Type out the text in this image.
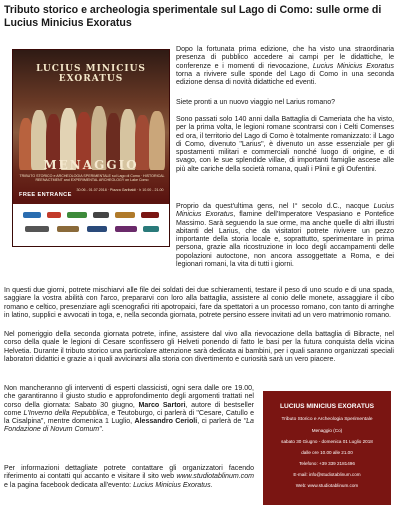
Tributo storico e archeologia sperimentale sul Lago di Como: sulle orme di Lucius Minicius Exoratus
LUCIUS MINICIUS EXORATUS
MENAGGIO
TRIBUTO STORICO e ARCHEOLOGIA SPERIMENTALE sul Lago di Como · HISTORICAL REENACTMENT and EXPERIMENTAL ARCHEOLOGY on Lake Como
FREE ENTRANCE
30.06 - 01.07.2018 · Piazza Garibaldi · h 10.00 - 21.00

Dopo la fortunata prima edizione, che ha visto una straordinaria presenza di pubblico accedere ai campi per le didattiche, le conferenze e i momenti di rievocazione, Lucius Minicius Exoratus torna a rivivere sulle sponde del Lago di Como in una seconda edizione densa di novità didattiche ed eventi.

Siete pronti a un nuovo viaggio nel Larius romano?

Sono passati solo 140 anni dalla Battaglia di Cameriata che ha visto, per la prima volta, le legioni romane scontrarsi con i Celti Comenses ed ora, il territorio del Lago di Como è totalmente romanizzato: il Lago di Como, divenuto "Larius", è divenuto un asse essenziale per gli spostamenti militari e commerciali nonché luogo di origine, e di svago, con le sue splendide villae, di importanti famiglie ascese alle più alte cariche della società romana, quali i Plinii e gli Oufentini.

Proprio da quest'ultima gens, nel I° secolo d.C., nacque Lucius Minicius Exoratus, flamine dell'Imperatore Vespasiano e Pontefice Massimo. Sarà seguendo la sue orme, ma anche quelle di altri illustri abitanti del Larius, che da visitatori potrete rivivere un pezzo importante della storia locale e, soprattutto, sperimentare in prima persona, grazie alla ricostruzione in loco degli accampamenti delle popolazioni autoctone, non ancora assoggettate a Roma, e dei legionari romani, la vita di tutti i giorni.

In questi due giorni, potrete mischiarvi alle file dei soldati dei due schieramenti, testare il peso di uno scudo e di una spada, saggiare la vostra abilità con l'arco, prepararvi con loro alla battaglia, assistere al conio delle monete, assaggiare il cibo romano e celtico, presenziare agli scenografici riti apotropaici, fare da spettatori a un processo romano, con tanto di arringhe in latino, supplici e avvocati in toga, e, nella seconda giornata, potrete persino essere invitati ad un vero matrimonio romano.

Nel pomeriggio della seconda giornata potrete, infine, assistere dal vivo alla rievocazione della battaglia di Bibracte, nel corso della quale le legioni di Cesare sconfissero gli Helveti ponendo di fatto le basi per la futura conquista della vicina Helvetia. Durante il tributo storico una particolare attenzione sarà dedicata ai bambini, per i quali saranno organizzati speciali laboratori didattici e grazie a i quali avvicinarsi alla storia con divertimento e curiosità sarà un vero piacere.

Non mancheranno gli interventi di esperti classicisti, ogni sera dalle ore 19.00, che garantiranno il giusto studio e approfondimento degli argomenti trattati nel corso della giornata: Sabato 30 giugno, Marco Sartori, autore di bestseller come L'Inverno della Repubblica, e Teutoburgo, ci parlerà di "Cesare, Catullo e la Cisalpina", mentre domenica 1 Luglio, Alessandro Cerioli, ci parlerà de "La Fondazione di Novum Comum".

Per informazioni dettagliate potrete contattare gli organizzatori facendo riferimento ai contatti qui accanto e visitare il sito web www.studiotablinum.com e la pagina facebook dedicata all'evento: Lucius Minicius Exoratus.

LUCIUS MINICIUS EXORATUS
Tributo Storico e Archeologia Sperimentale
Menaggio (Co)
sabato 30 Giugno - domenica 01 Luglio 2018
dalle ore 10.00 alle 21.00
Telefono: +39 339 2181496
E-mail: info@studiotablinum.com
Web: www.studiotablinum.com
